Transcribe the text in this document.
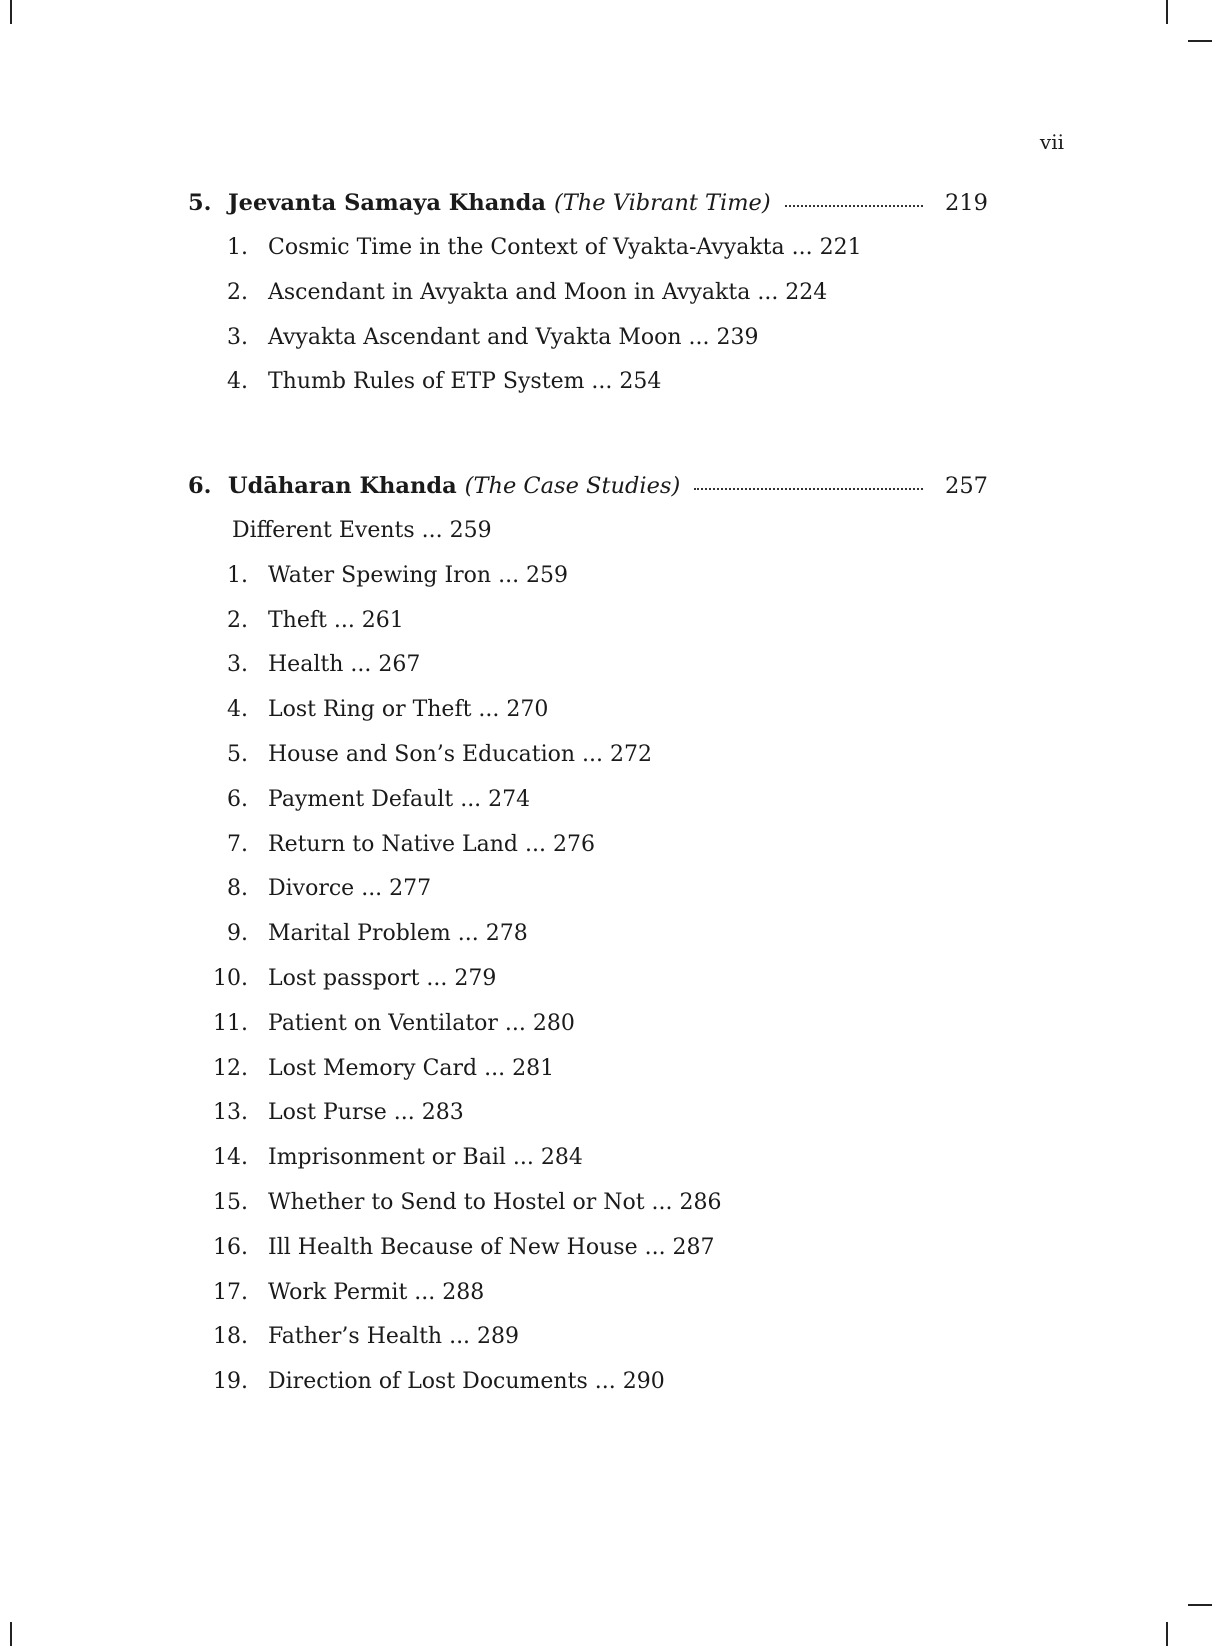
vii
5. Jeevanta Samaya Khanda (The Vibrant Time)	219
1. Cosmic Time in the Context of Vyakta-Avyakta ... 221
2. Ascendant in Avyakta and Moon in Avyakta ... 224
3. Avyakta Ascendant and Vyakta Moon ... 239
4. Thumb Rules of ETP System ... 254
6. Udāharan Khanda (The Case Studies)	257
Different Events ... 259
1. Water Spewing Iron ... 259
2. Theft ... 261
3. Health ... 267
4. Lost Ring or Theft ... 270
5. House and Son’s Education ... 272
6. Payment Default ... 274
7. Return to Native Land ... 276
8. Divorce ... 277
9. Marital Problem ... 278
10. Lost passport ... 279
11. Patient on Ventilator ... 280
12. Lost Memory Card ... 281
13. Lost Purse ... 283
14. Imprisonment or Bail ... 284
15. Whether to Send to Hostel or Not ... 286
16. Ill Health Because of New House ... 287
17. Work Permit ... 288
18. Father’s Health ... 289
19. Direction of Lost Documents ... 290
